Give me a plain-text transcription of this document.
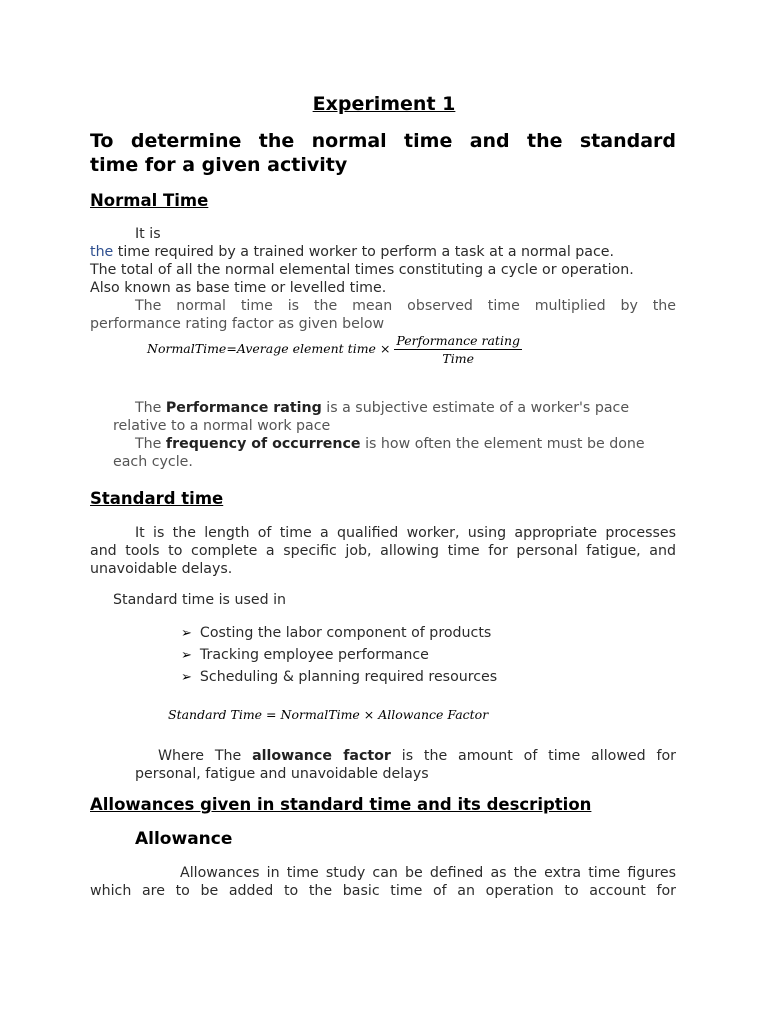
Experiment 1
To determine the normal time and the standard
time for a given activity
Normal Time
It is
the time required by a trained worker to perform a task at a normal pace.
The total of all the normal elemental times constituting a cycle or operation.
Also known as base time or levelled time.
The normal time is the mean observed time multiplied by the
performance rating factor as given below
NormalTime=Average element time × $\frac{\text{Performance rating}}{\text{Time}}$
The Performance rating is a subjective estimate of a worker's pace
relative to a normal work pace
The frequency of occurrence is how often the element must be done
each cycle.
Standard time
It is the length of time a qualified worker, using appropriate processes
and tools to complete a specific job, allowing time for personal fatigue, and
unavoidable delays.
Standard time is used in
➢ Costing the labor component of products
➢ Tracking employee performance
➢ Scheduling & planning required resources
Standard Time = NormalTime × Allowance Factor
Where The allowance factor is the amount of time allowed for
personal, fatigue and unavoidable delays
Allowances given in standard time and its description
Allowance
Allowances in time study can be defined as the extra time figures
which are to be added to the basic time of an operation to account for
